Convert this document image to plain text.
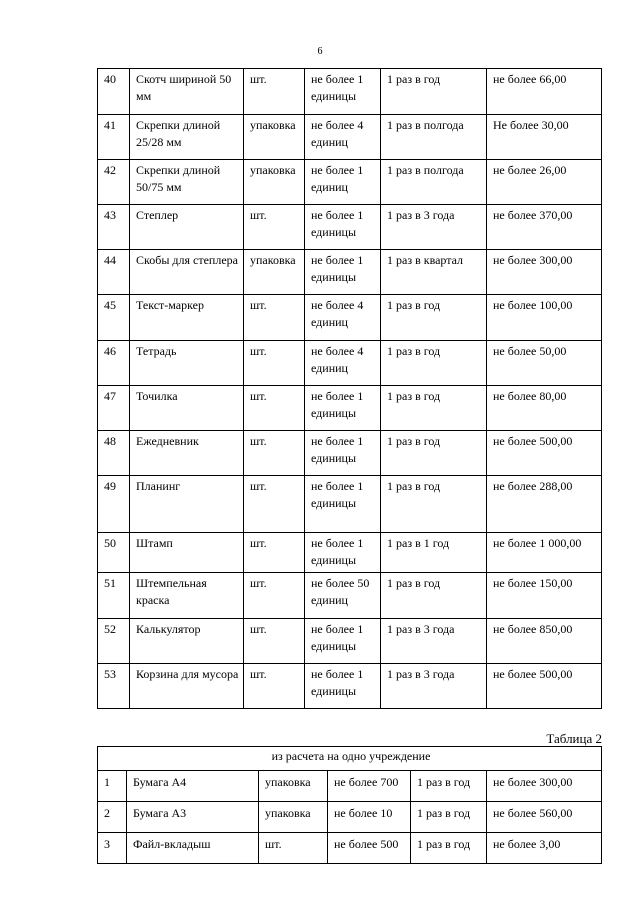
6
40	Скотч шириной 50 мм	шт.	не более 1 единицы	1 раз в год	не более 66,00
41	Скрепки длиной 25/28 мм	упаковка	не более 4 единиц	1 раз в полгода	Не более 30,00
42	Скрепки длиной 50/75 мм	упаковка	не более 1 единиц	1 раз в полгода	не более 26,00
43	Степлер	шт.	не более 1 единицы	1 раз в 3 года	не более 370,00
44	Скобы для степлера	упаковка	не более 1 единицы	1 раз в квартал	не более 300,00
45	Текст-маркер	шт.	не более 4 единиц	1 раз в год	не более 100,00
46	Тетрадь	шт.	не более 4 единиц	1 раз в год	не более 50,00
47	Точилка	шт.	не более 1 единицы	1 раз в год	не более 80,00
48	Ежедневник	шт.	не более 1 единицы	1 раз в год	не более 500,00
49	Планинг	шт.	не более 1 единицы	1 раз в год	не более 288,00
50	Штамп	шт.	не более 1 единицы	1 раз в 1 год	не более 1 000,00
51	Штемпельная краска	шт.	не более 50 единиц	1 раз в год	не более 150,00
52	Калькулятор	шт.	не более 1 единицы	1 раз в 3 года	не более 850,00
53	Корзина для мусора	шт.	не более 1 единицы	1 раз в 3 года	не более 500,00
Таблица 2
из расчета на одно учреждение					
1	Бумага А4	упаковка	не более 700	1 раз в год	не более 300,00
2	Бумага А3	упаковка	не более 10	1 раз в год	не более 560,00
3	Файл-вкладыш	шт.	не более 500	1 раз в год	не более 3,00
